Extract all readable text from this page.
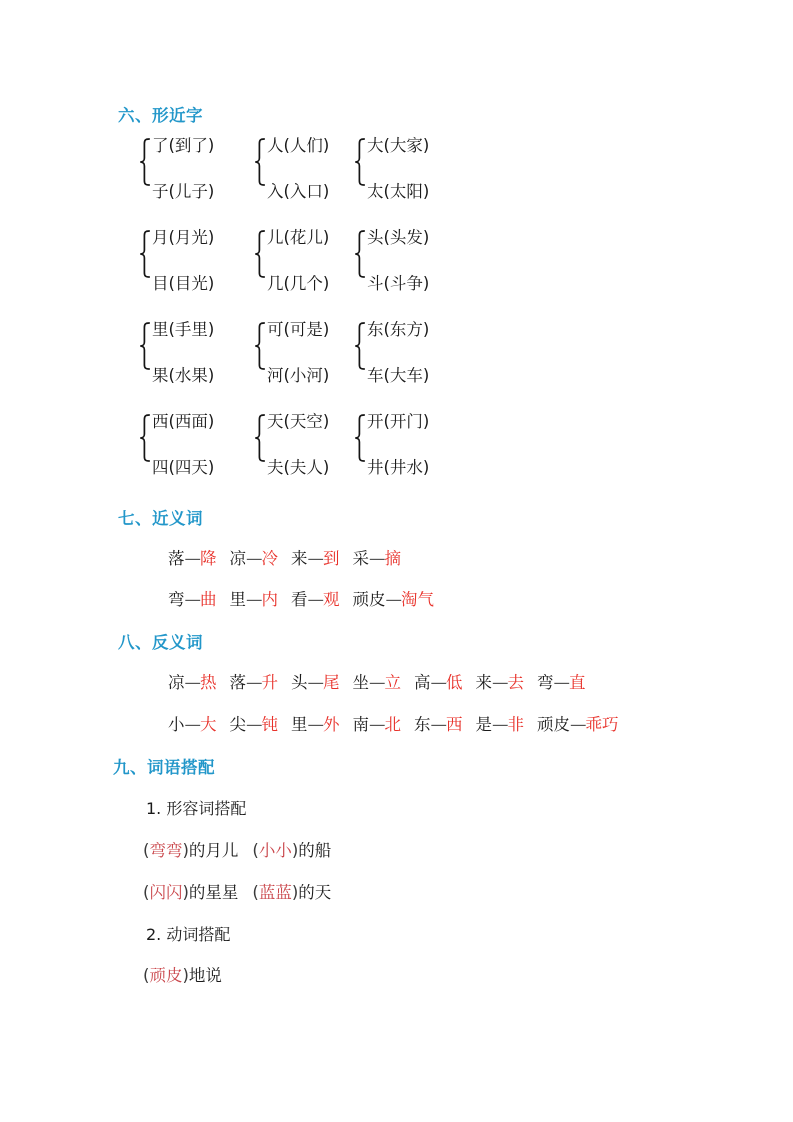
六、形近字
了(到了)
子(儿子)
人(人们)
入(入口)
大(大家)
太(太阳)
月(月光)
目(目光)
儿(花儿)
几(几个)
头(头发)
斗(斗争)
里(手里)
果(水果)
可(可是)
河(小河)
东(东方)
车(大车)
西(西面)
四(四天)
天(天空)
夫(夫人)
开(开门)
井(井水)
七、近义词
落—降 凉—冷 来—到 采—摘
弯—曲 里—内 看—观 顽皮—淘气
八、反义词
凉—热 落—升 头—尾 坐—立 高—低 来—去 弯—直
小—大 尖—钝 里—外 南—北 东—西 是—非 顽皮—乖巧
九、词语搭配
1. 形容词搭配
(弯弯)的月儿 (小小)的船
(闪闪)的星星 (蓝蓝)的天
2. 动词搭配
(顽皮)地说
